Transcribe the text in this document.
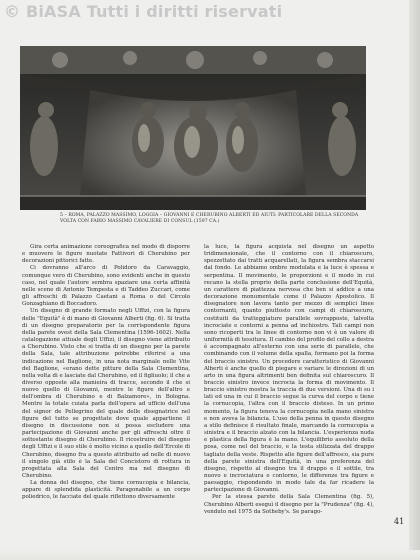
© BiASA Tutti i diritti riservati
5 – ROMA, PALAZZO MASSIMO, LOGGIA – GIOVANNI E CHERUBINO ALBERTI ED AIUTI: PARTICOLARE DELLA SECONDA VOLTA CON FABIO MASSIMO CAVALIERE DI CONSUL (1597 CA.)

Gira certa animazione coreografica nel modo di disporre e muovere le figure nuotate Fattivori di Cherubino per decorazioni pittorici fatte.

Ci dovranno all'arco di Polidoro da Caravaggio, comunque vero di Cherubino, sono evidenti anche in questo caso, nel quale l'autore sembra spaziare una certa affinità nelle scene di Antonio Tempesta e di Taddeo Zuccari, come gli affreschi di Palazzo Caetani a Roma o del Circolo Gonzaghiano di Boccadoro.

Un disegno di grande formato negli Uffizi, con la figura delle "Equità" è di mano di Giovanni Alberti (fig. 6). Si tratta di un disegno preparatorio per la corrispondente figura della parete ovest della Sala Clementina (1596-1602). Nella catalogazione attuale degli Uffizi, il disegno viene attribuito a Cherubino. Visto che si tratta di un disegno per la parete della Sala, tale attribuzione potrebbe riferirsi a una indicazione nel Baglione, in una nota marginale nelle Vite del Baglione, «erano dette pitture della Sala Clementina, nella volta di e lasciate dal Cherubino, ed il figliuolo; il che a diverso opposte alla manieira di tracce, secondo il che si nuovo quello di Giovanni, mentre le figure dell'altro e dell'ombra di Cherubino e di Balzamore», in Bologna. Mentre la totale cuiata parla dell'opera ad ufficio dell'una del signor de Pellegrino del quale delle disegnatrice nel figure del tutto se progettate dove quale appartiene il disegno in discussione non si possa escludere una partecipazione di Giovanni anche per gli affreschi oltre il sottostante disegno di Cherubino. Il ricostruire del disegno degli Uffizi e il suo stile è molto vicino a quello dell'Ercole di Cherubino, disegno fra a questo attribuito ad nelle di nuovo il singolo già stilo è la Sala del Concistoro di rottura in progettata alla Sala del Centro ma nel disegno di Cherubino.

La donna del disegno, che tiene cornucopia e bilancia, appare di splendida plasticità. Paragonabile a un corpo poliedrico, le facciate del quale riflettono diversamente

la luce, la figura acquista nel disegno un aspetto tridimensionale, che il contorno con il chiaroscuro, spezzettato dai tratti acquarellati, la figura sembra staccarsi dal fondo. Le abbiamo ombre modulata e la luce è spessa e serpentina. Il movimento, le proporzioni e il modo in cui recano la stella proprio della parte conclusione dell'Equità, un carattere di piattezza nervosa che ben si addice a una decorazione monumentale come il Palazzo Apostolico. Il disegnatore non lavora tanto per mezzo di semplici linee contornanti, quanto piuttosto con campi di chiaroscuro, costituiti da tratteggiature parallele sovrapposte, talvolta incrociate e contorni a penna ad inchiostro. Tali campi non sono ricoperti tra le linee di contorno non vi è un valore di uniformità di tessitura. Il cambio del profilo del collo a destra è accompagnato all'esterno con una serie di parallele, che combinando con il volume della spalla, formano poi la forma del braccio sinistro. Un procedere caratteristico di Giovanni Alberti è anche quello di piegare e variare le direzioni di un arto in una figura altrimenti ben definita sul chiaroscuro. Il braccio sinistro invece incrocia la forma di movimento. Il braccio sinistro mostra la traccia di due versioni. Una di su i lati ed una in cui il braccio segue la curva del corpo e tiene la cornucopia, l'altra con il braccio disteso. In un primo momento, la figura teneva la cornucopia nella mano sinistra e non aveva la bilancia. L'uso della penna in questo disegno a stilo definisce il risultato finale, marcando la cornucopia a sinistra e il braccio alzato con la bilancia. L'esperienza nuda e plastica della figura è la mano. L'equilibrio assoluto della posa, come nel del braccio, e la testa stilizzata del drappo tagliato della veste. Rispetto alle figure dell'affresco, sia pure della parete sinistra dell'Equità, in una preferenza del disegno, rispetto al disegno tra il drappo e il sottile, tra nuovo e incrociatura e contorno, le differenze tra figure e paesaggio, rispondendo in modo tale da far ricadere la partecipazione di Giovanni.

Per la stessa parete della Sala Clementina (fig. 5), Cherubino Alberti eseguì il disegno per la "Prudenza" (fig. 4), venduto nel 1975 da Sotheby's. Se parago-

41
